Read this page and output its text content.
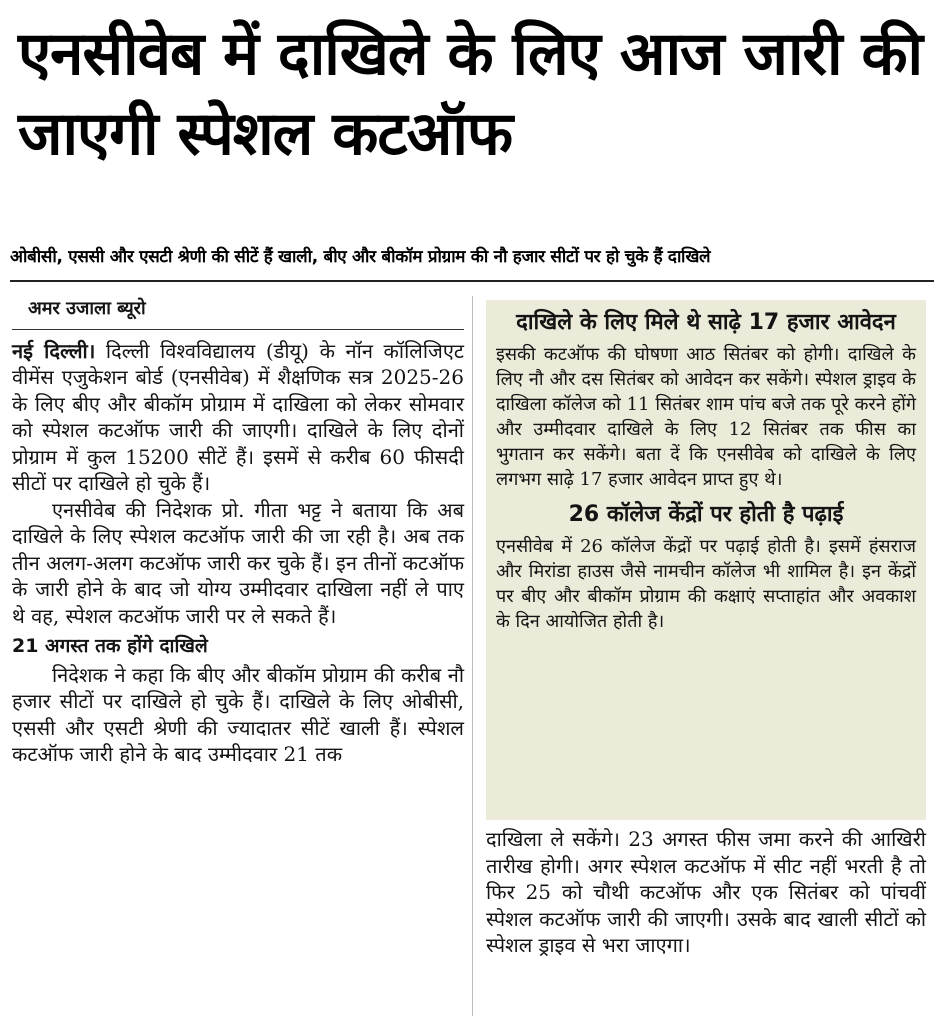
एनसीवेब में दाखिले के लिए आज जारी की जाएगी स्पेशल कटऑफ
ओबीसी, एससी और एसटी श्रेणी की सीटें हैं खाली, बीए और बीकॉम प्रोग्राम की नौ हजार सीटों पर हो चुके हैं दाखिले
अमर उजाला ब्यूरो

नई दिल्ली। दिल्ली विश्वविद्यालय (डीयू) के नॉन कॉलिजिएट वीमेंस एजुकेशन बोर्ड (एनसीवेब) में शैक्षणिक सत्र 2025-26 के लिए बीए और बीकॉम प्रोग्राम में दाखिला को लेकर सोमवार को स्पेशल कटऑफ जारी की जाएगी। दाखिले के लिए दोनों प्रोग्राम में कुल 15200 सीटें हैं। इसमें से करीब 60 फीसदी सीटों पर दाखिले हो चुके हैं।

एनसीवेब की निदेशक प्रो. गीता भट्ट ने बताया कि अब दाखिले के लिए स्पेशल कटऑफ जारी की जा रही है। अब तक तीन अलग-अलग कटऑफ जारी कर चुके हैं। इन तीनों कटऑफ के जारी होने के बाद जो योग्य उम्मीदवार दाखिला नहीं ले पाए थे वह, स्पेशल कटऑफ जारी पर ले सकते हैं।

21 अगस्त तक होंगे दाखिले

निदेशक ने कहा कि बीए और बीकॉम प्रोग्राम की करीब नौ हजार सीटों पर दाखिले हो चुके हैं। दाखिले के लिए ओबीसी, एससी और एसटी श्रेणी की ज्यादातर सीटें खाली हैं। स्पेशल कटऑफ जारी होने के बाद उम्मीदवार 21 तक

दाखिले के लिए मिले थे साढ़े 17 हजार आवेदन

इसकी कटऑफ की घोषणा आठ सितंबर को होगी। दाखिले के लिए नौ और दस सितंबर को आवेदन कर सकेंगे। स्पेशल ड्राइव के दाखिला कॉलेज को 11 सितंबर शाम पांच बजे तक पूरे करने होंगे और उम्मीदवार दाखिले के लिए 12 सितंबर तक फीस का भुगतान कर सकेंगे। बता दें कि एनसीवेब को दाखिले के लिए लगभग साढ़े 17 हजार आवेदन प्राप्त हुए थे।

26 कॉलेज केंद्रों पर होती है पढ़ाई

एनसीवेब में 26 कॉलेज केंद्रों पर पढ़ाई होती है। इसमें हंसराज और मिरांडा हाउस जैसे नामचीन कॉलेज भी शामिल है। इन केंद्रों पर बीए और बीकॉम प्रोग्राम की कक्षाएं सप्ताहांत और अवकाश के दिन आयोजित होती है।

दाखिला ले सकेंगे। 23 अगस्त फीस जमा करने की आखिरी तारीख होगी। अगर स्पेशल कटऑफ में सीट नहीं भरती है तो फिर 25 को चौथी कटऑफ और एक सितंबर को पांचवीं स्पेशल कटऑफ जारी की जाएगी। उसके बाद खाली सीटों को स्पेशल ड्राइव से भरा जाएगा।
